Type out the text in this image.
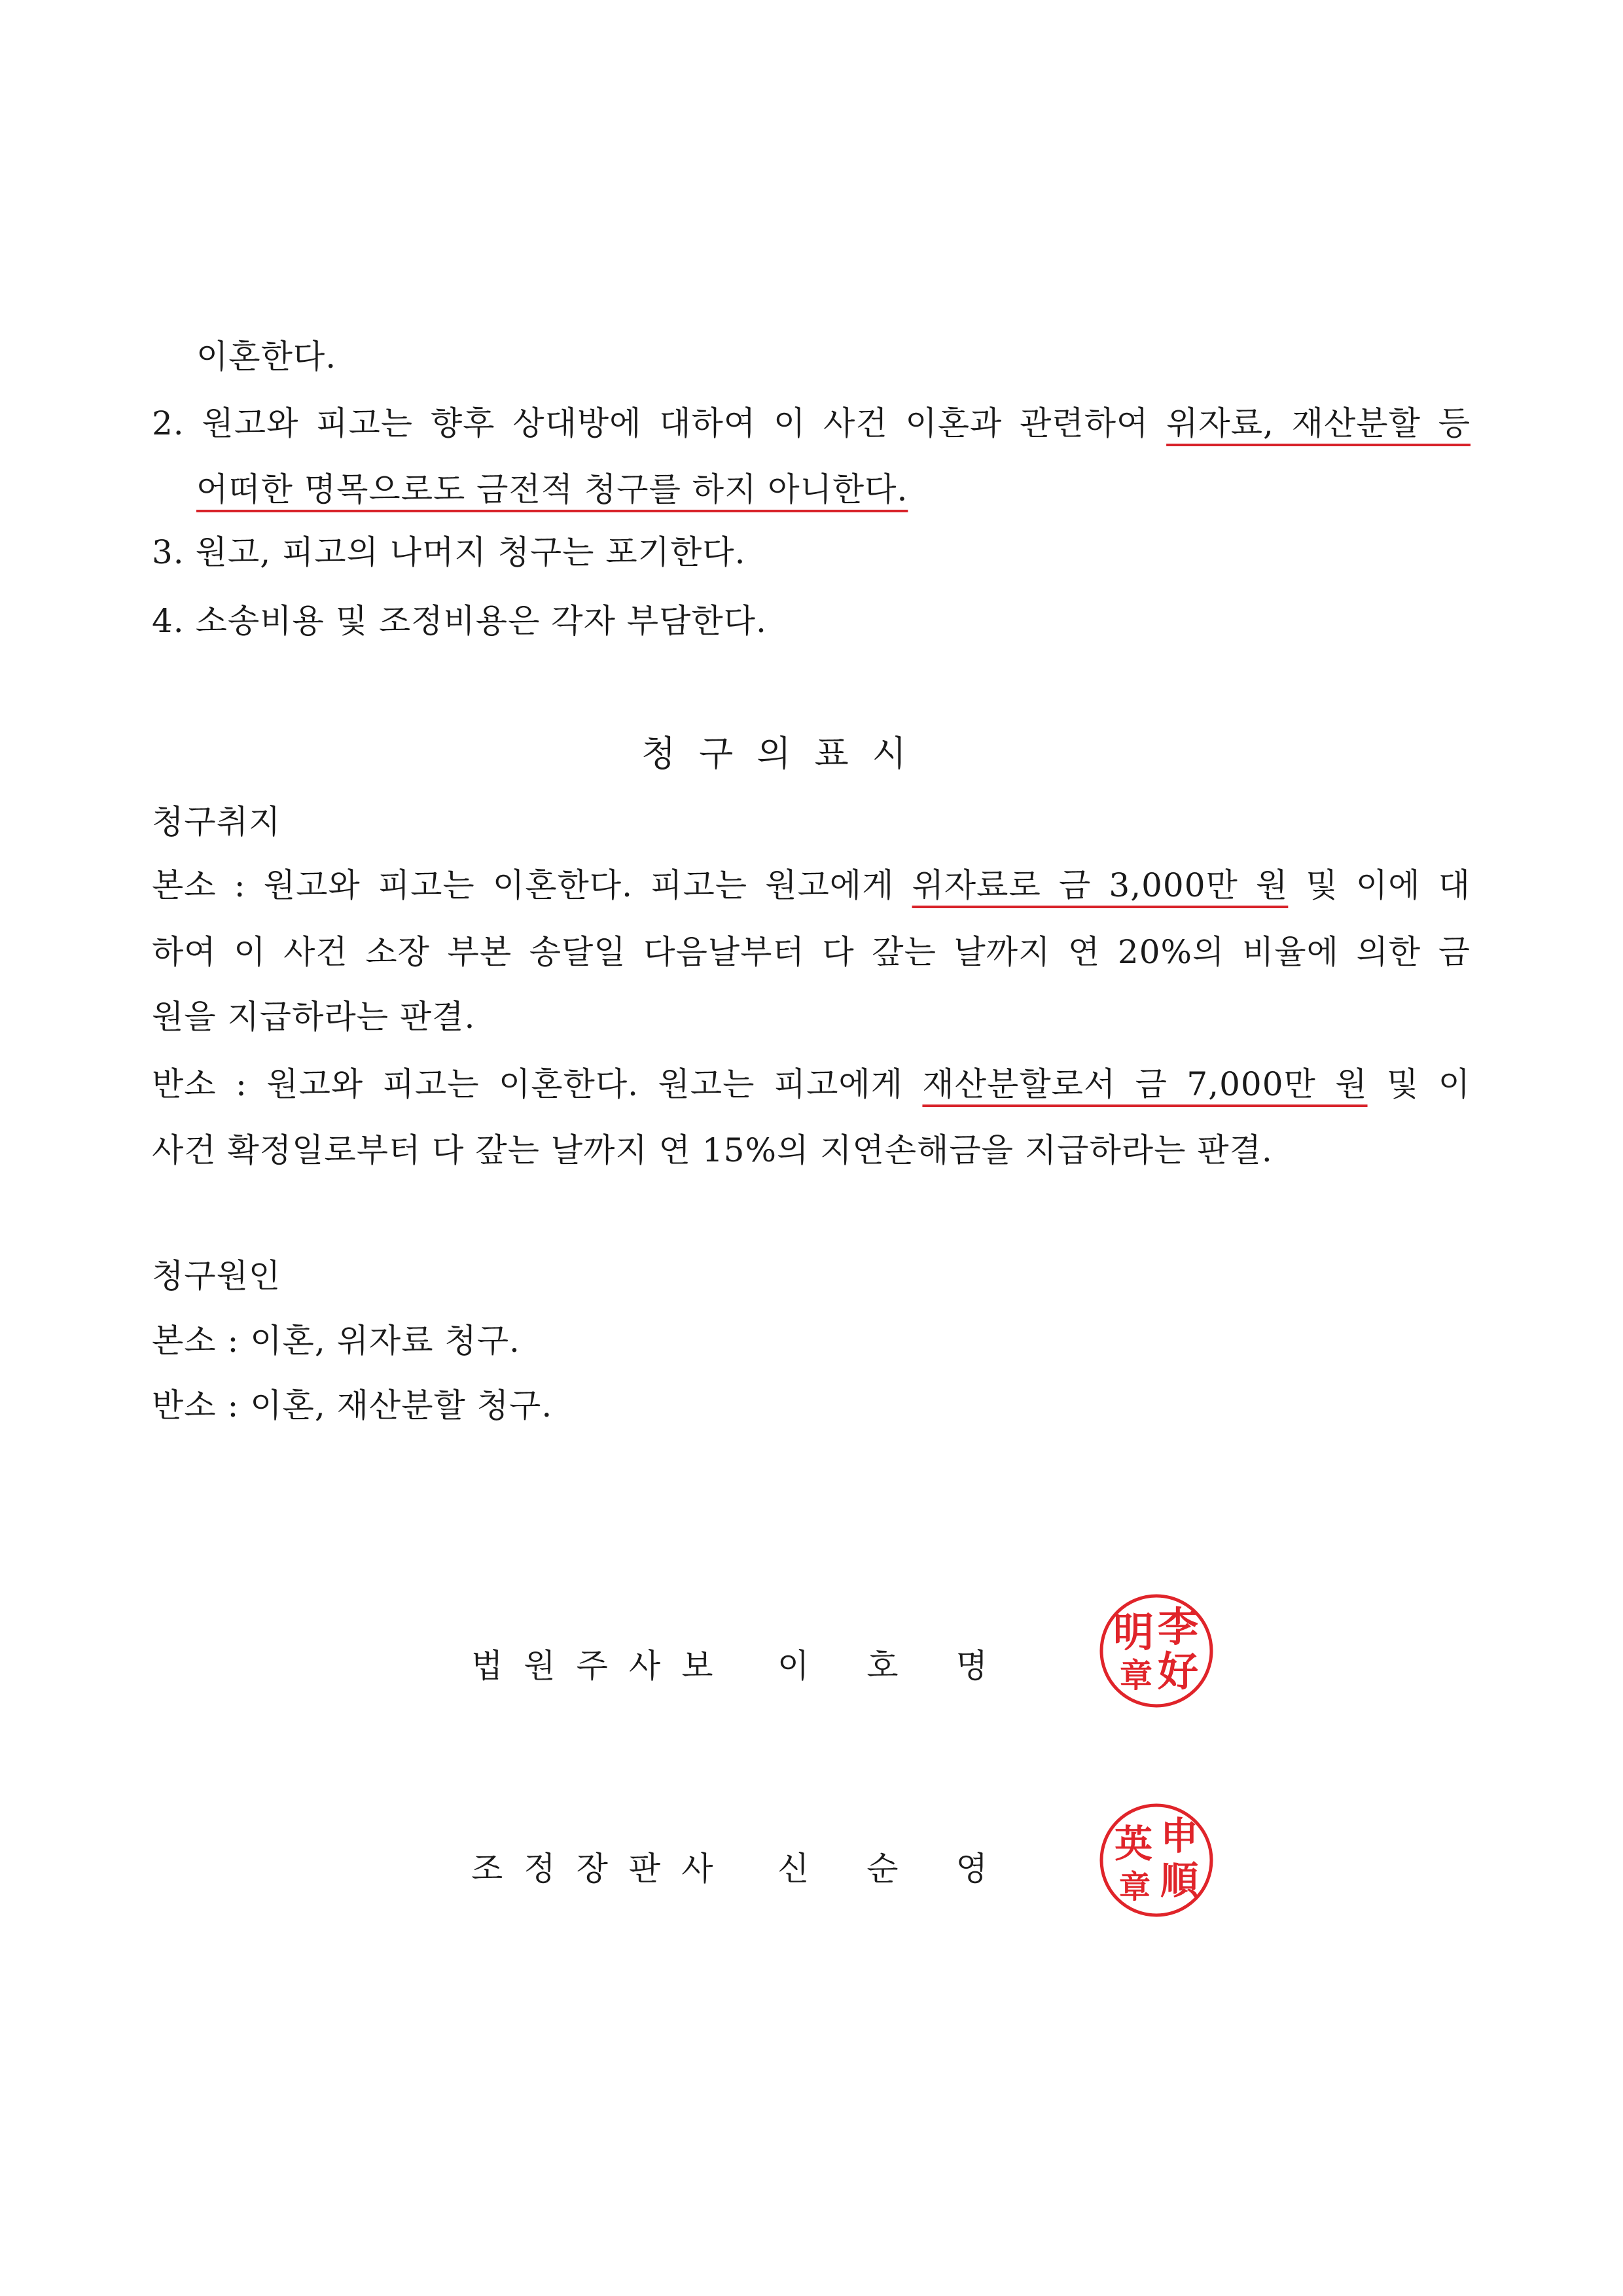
이혼한다.
2. 원고와 피고는 향후 상대방에 대하여 이 사건 이혼과 관련하여 위자료, 재산분할 등
어떠한 명목으로도 금전적 청구를 하지 아니한다.
3. 원고, 피고의 나머지 청구는 포기한다.
4. 소송비용 및 조정비용은 각자 부담한다.
청구의표시
청구취지
본소 : 원고와 피고는 이혼한다. 피고는 원고에게 위자료로 금 3,000만 원 및 이에 대
하여 이 사건 소장 부본 송달일 다음날부터 다 갚는 날까지 연 20%의 비율에 의한 금
원을 지급하라는 판결.
반소 : 원고와 피고는 이혼한다. 원고는 피고에게 재산분할로서 금 7,000만 원 및 이
사건 확정일로부터 다 갚는 날까지 연 15%의 지연손해금을 지급하라는 판결.
청구원인
본소 : 이혼, 위자료 청구.
반소 : 이혼, 재산분할 청구.
법원주사보 이호명
明 李
好
章
조정장판사 신순영
申
順
英
章
